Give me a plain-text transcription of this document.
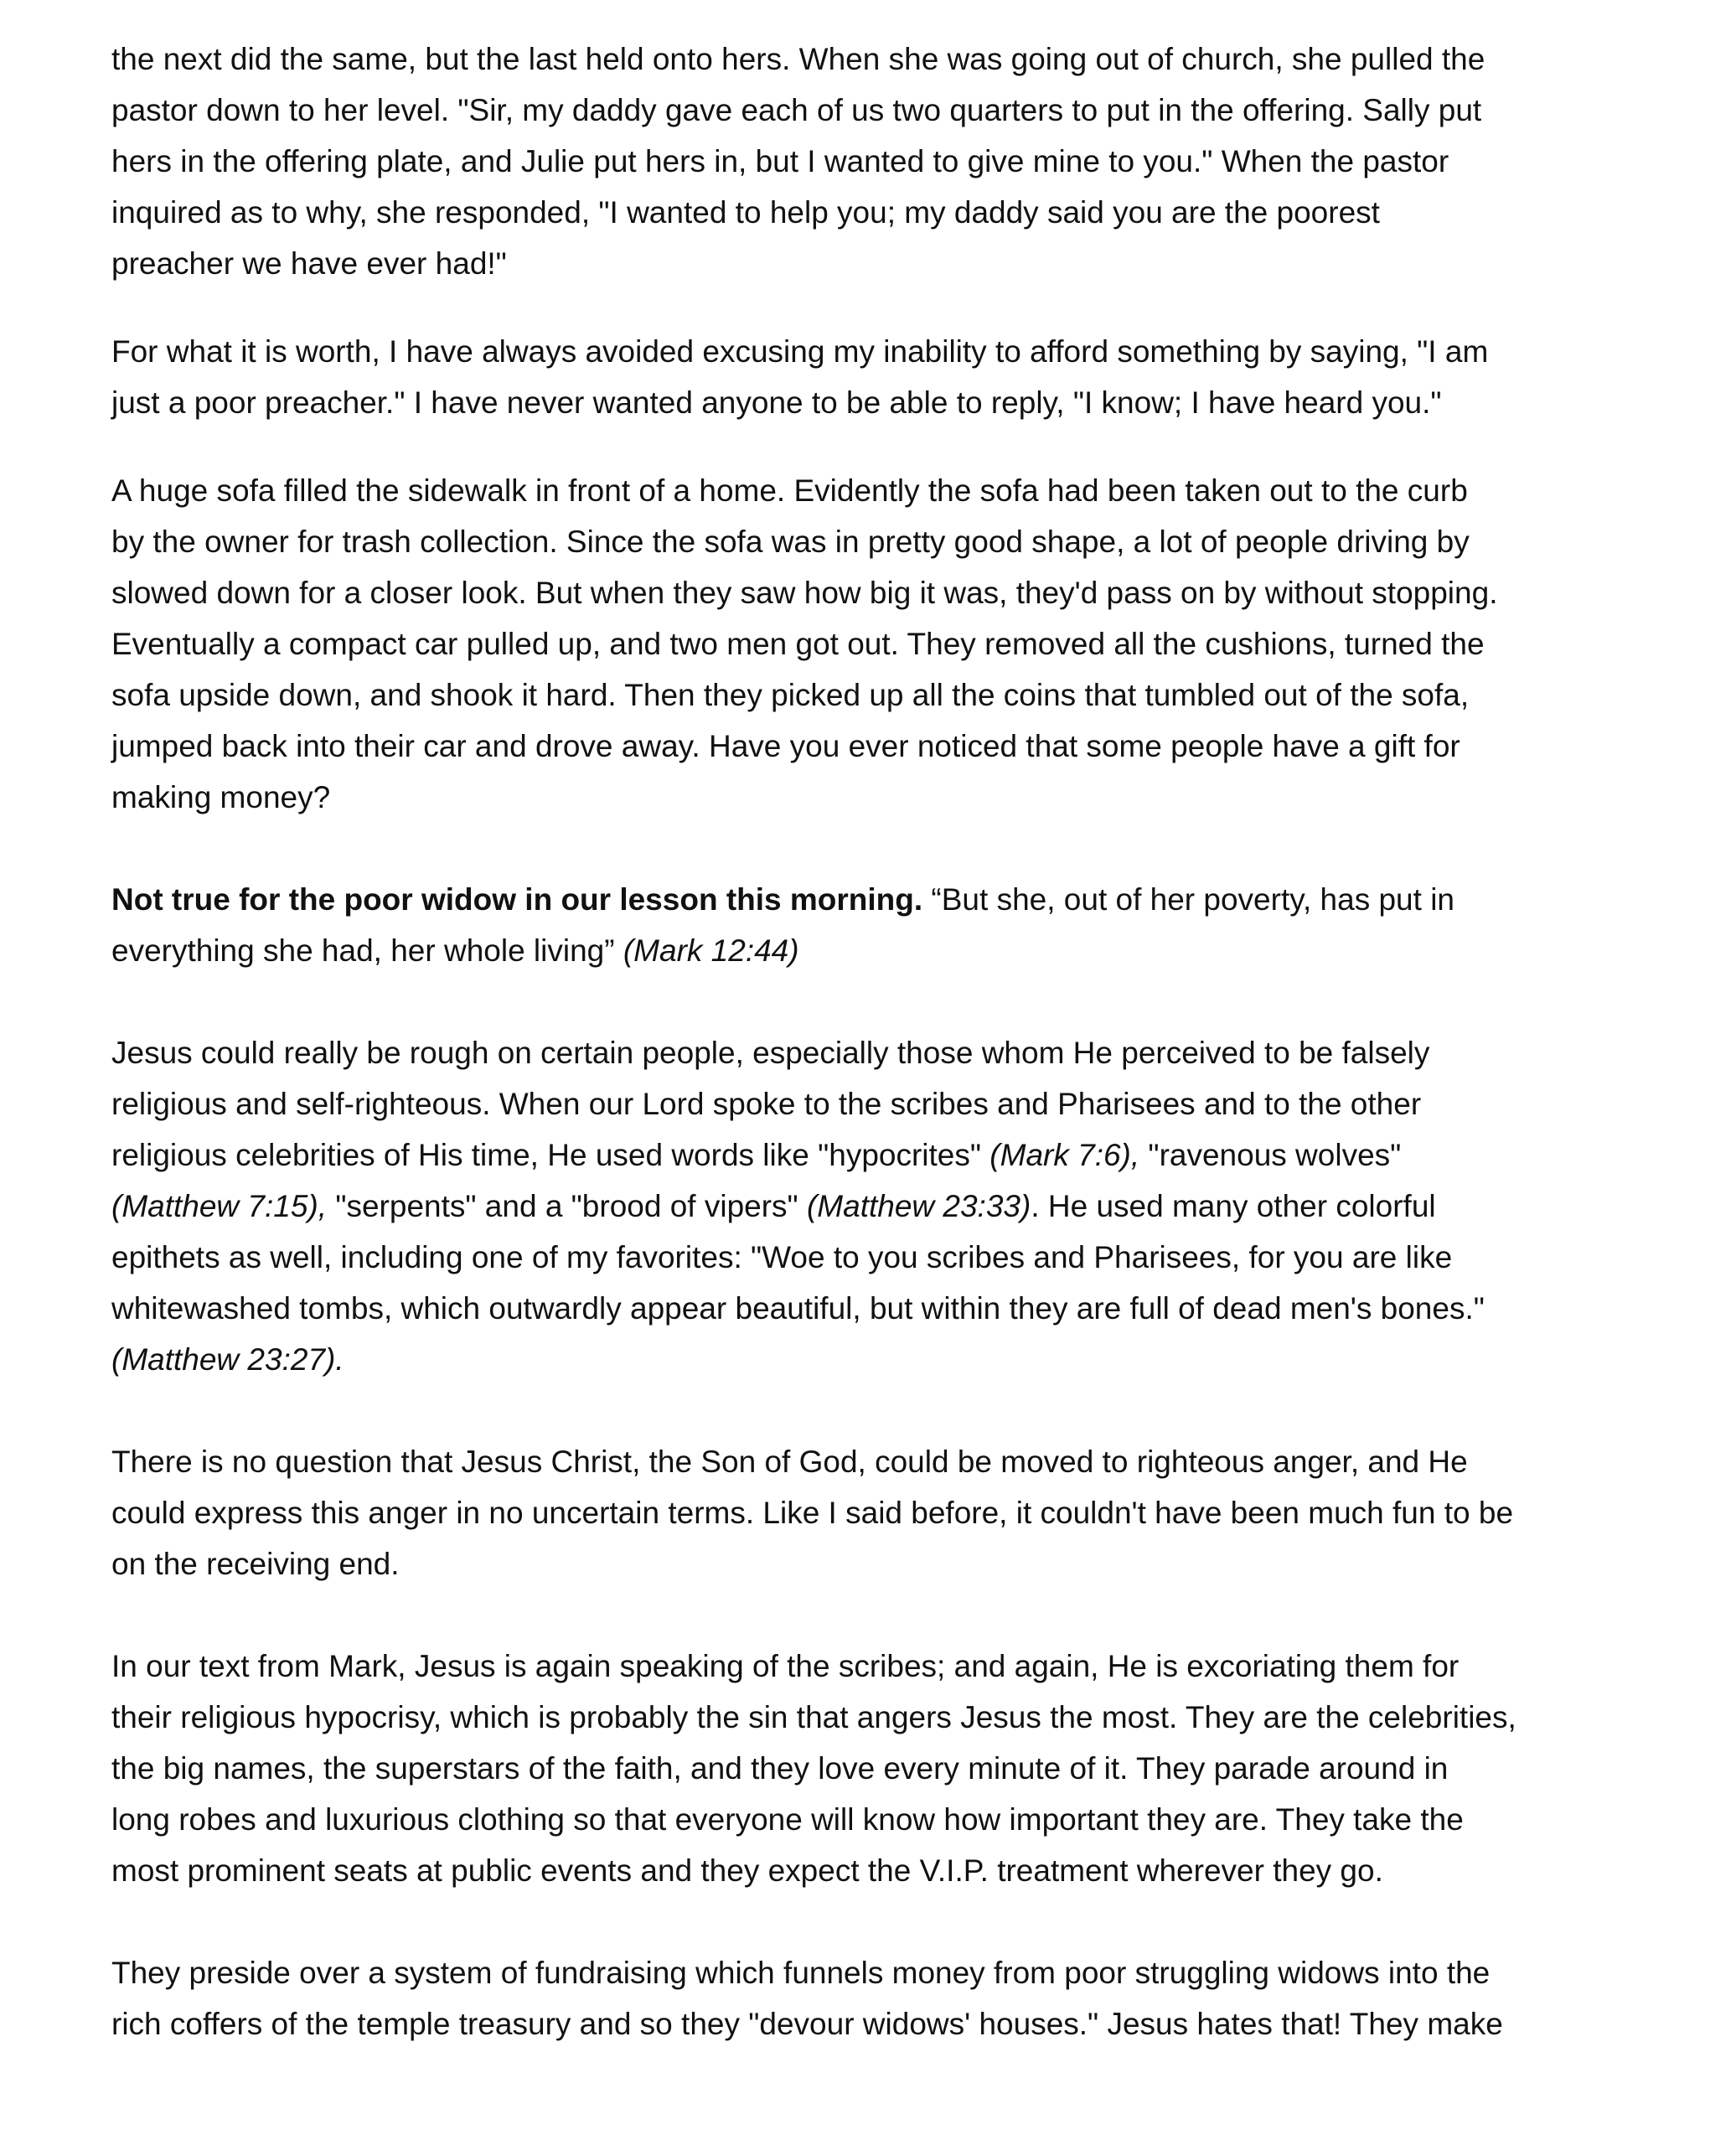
the next did the same, but the last held onto hers. When she was going out of church, she pulled the
pastor down to her level. "Sir, my daddy gave each of us two quarters to put in the offering. Sally put
hers in the offering plate, and Julie put hers in, but I wanted to give mine to you." When the pastor
inquired as to why, she responded, "I wanted to help you; my daddy said you are the poorest
preacher we have ever had!"

For what it is worth, I have always avoided excusing my inability to afford something by saying, "I am
just a poor preacher." I have never wanted anyone to be able to reply, "I know; I have heard you."

A huge sofa filled the sidewalk in front of a home. Evidently the sofa had been taken out to the curb
by the owner for trash collection. Since the sofa was in pretty good shape, a lot of people driving by
slowed down for a closer look. But when they saw how big it was, they'd pass on by without stopping.
Eventually a compact car pulled up, and two men got out. They removed all the cushions, turned the
sofa upside down, and shook it hard. Then they picked up all the coins that tumbled out of the sofa,
jumped back into their car and drove away. Have you ever noticed that some people have a gift for
making money?

Not true for the poor widow in our lesson this morning. “But she, out of her poverty, has put in
everything she had, her whole living” (Mark 12:44)

Jesus could really be rough on certain people, especially those whom He perceived to be falsely
religious and self-righteous. When our Lord spoke to the scribes and Pharisees and to the other
religious celebrities of His time, He used words like "hypocrites" (Mark 7:6), "ravenous wolves"
(Matthew 7:15), "serpents" and a "brood of vipers" (Matthew 23:33). He used many other colorful
epithets as well, including one of my favorites: "Woe to you scribes and Pharisees, for you are like
whitewashed tombs, which outwardly appear beautiful, but within they are full of dead men's bones."
(Matthew 23:27).

There is no question that Jesus Christ, the Son of God, could be moved to righteous anger, and He
could express this anger in no uncertain terms. Like I said before, it couldn't have been much fun to be
on the receiving end.

In our text from Mark, Jesus is again speaking of the scribes; and again, He is excoriating them for
their religious hypocrisy, which is probably the sin that angers Jesus the most. They are the celebrities,
the big names, the superstars of the faith, and they love every minute of it. They parade around in
long robes and luxurious clothing so that everyone will know how important they are. They take the
most prominent seats at public events and they expect the V.I.P. treatment wherever they go.

They preside over a system of fundraising which funnels money from poor struggling widows into the
rich coffers of the temple treasury and so they "devour widows' houses." Jesus hates that! They make
